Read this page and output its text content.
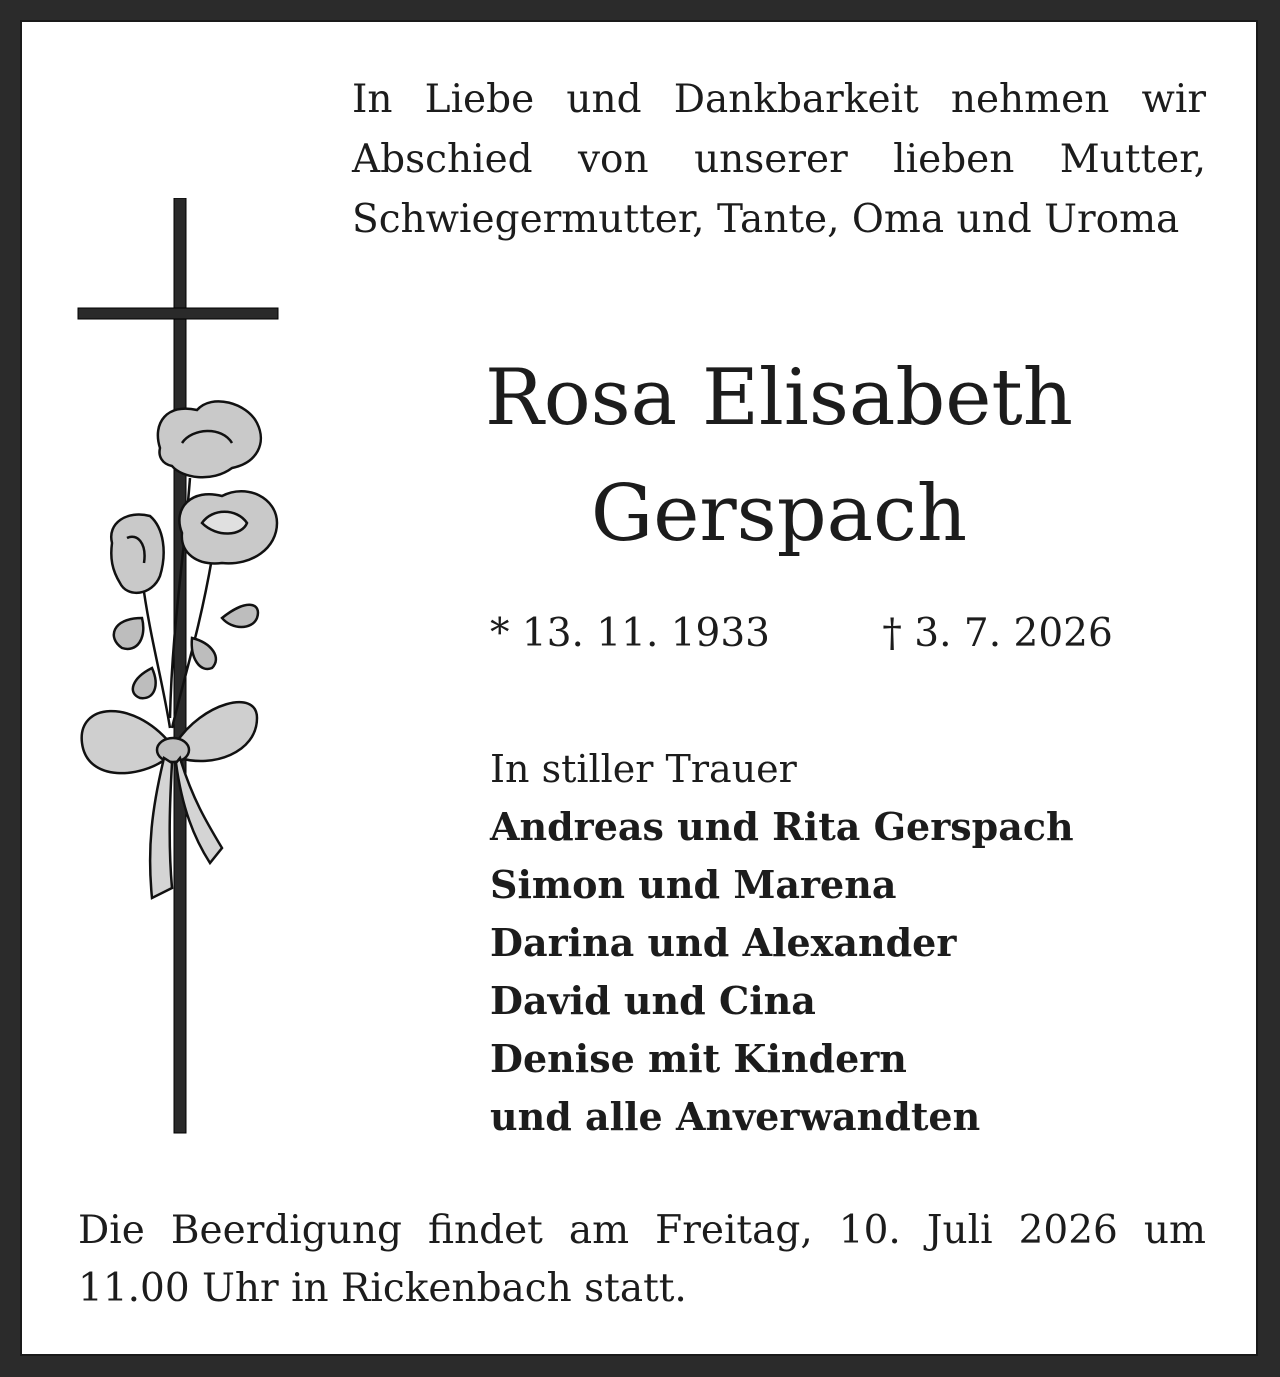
In Liebe und Dankbarkeit nehmen wir
Abschied von unserer lieben Mutter,
Schwiegermutter, Tante, Oma und Uroma
Rosa Elisabeth
Gerspach
* 13. 11. 1933	† 3. 7. 2026
In stiller Trauer
Andreas und Rita Gerspach
Simon und Marena
Darina und Alexander
David und Cina
Denise mit Kindern
und alle Anverwandten
Die Beerdigung findet am Freitag, 10. Juli 2026 um
11.00 Uhr in Rickenbach statt.
